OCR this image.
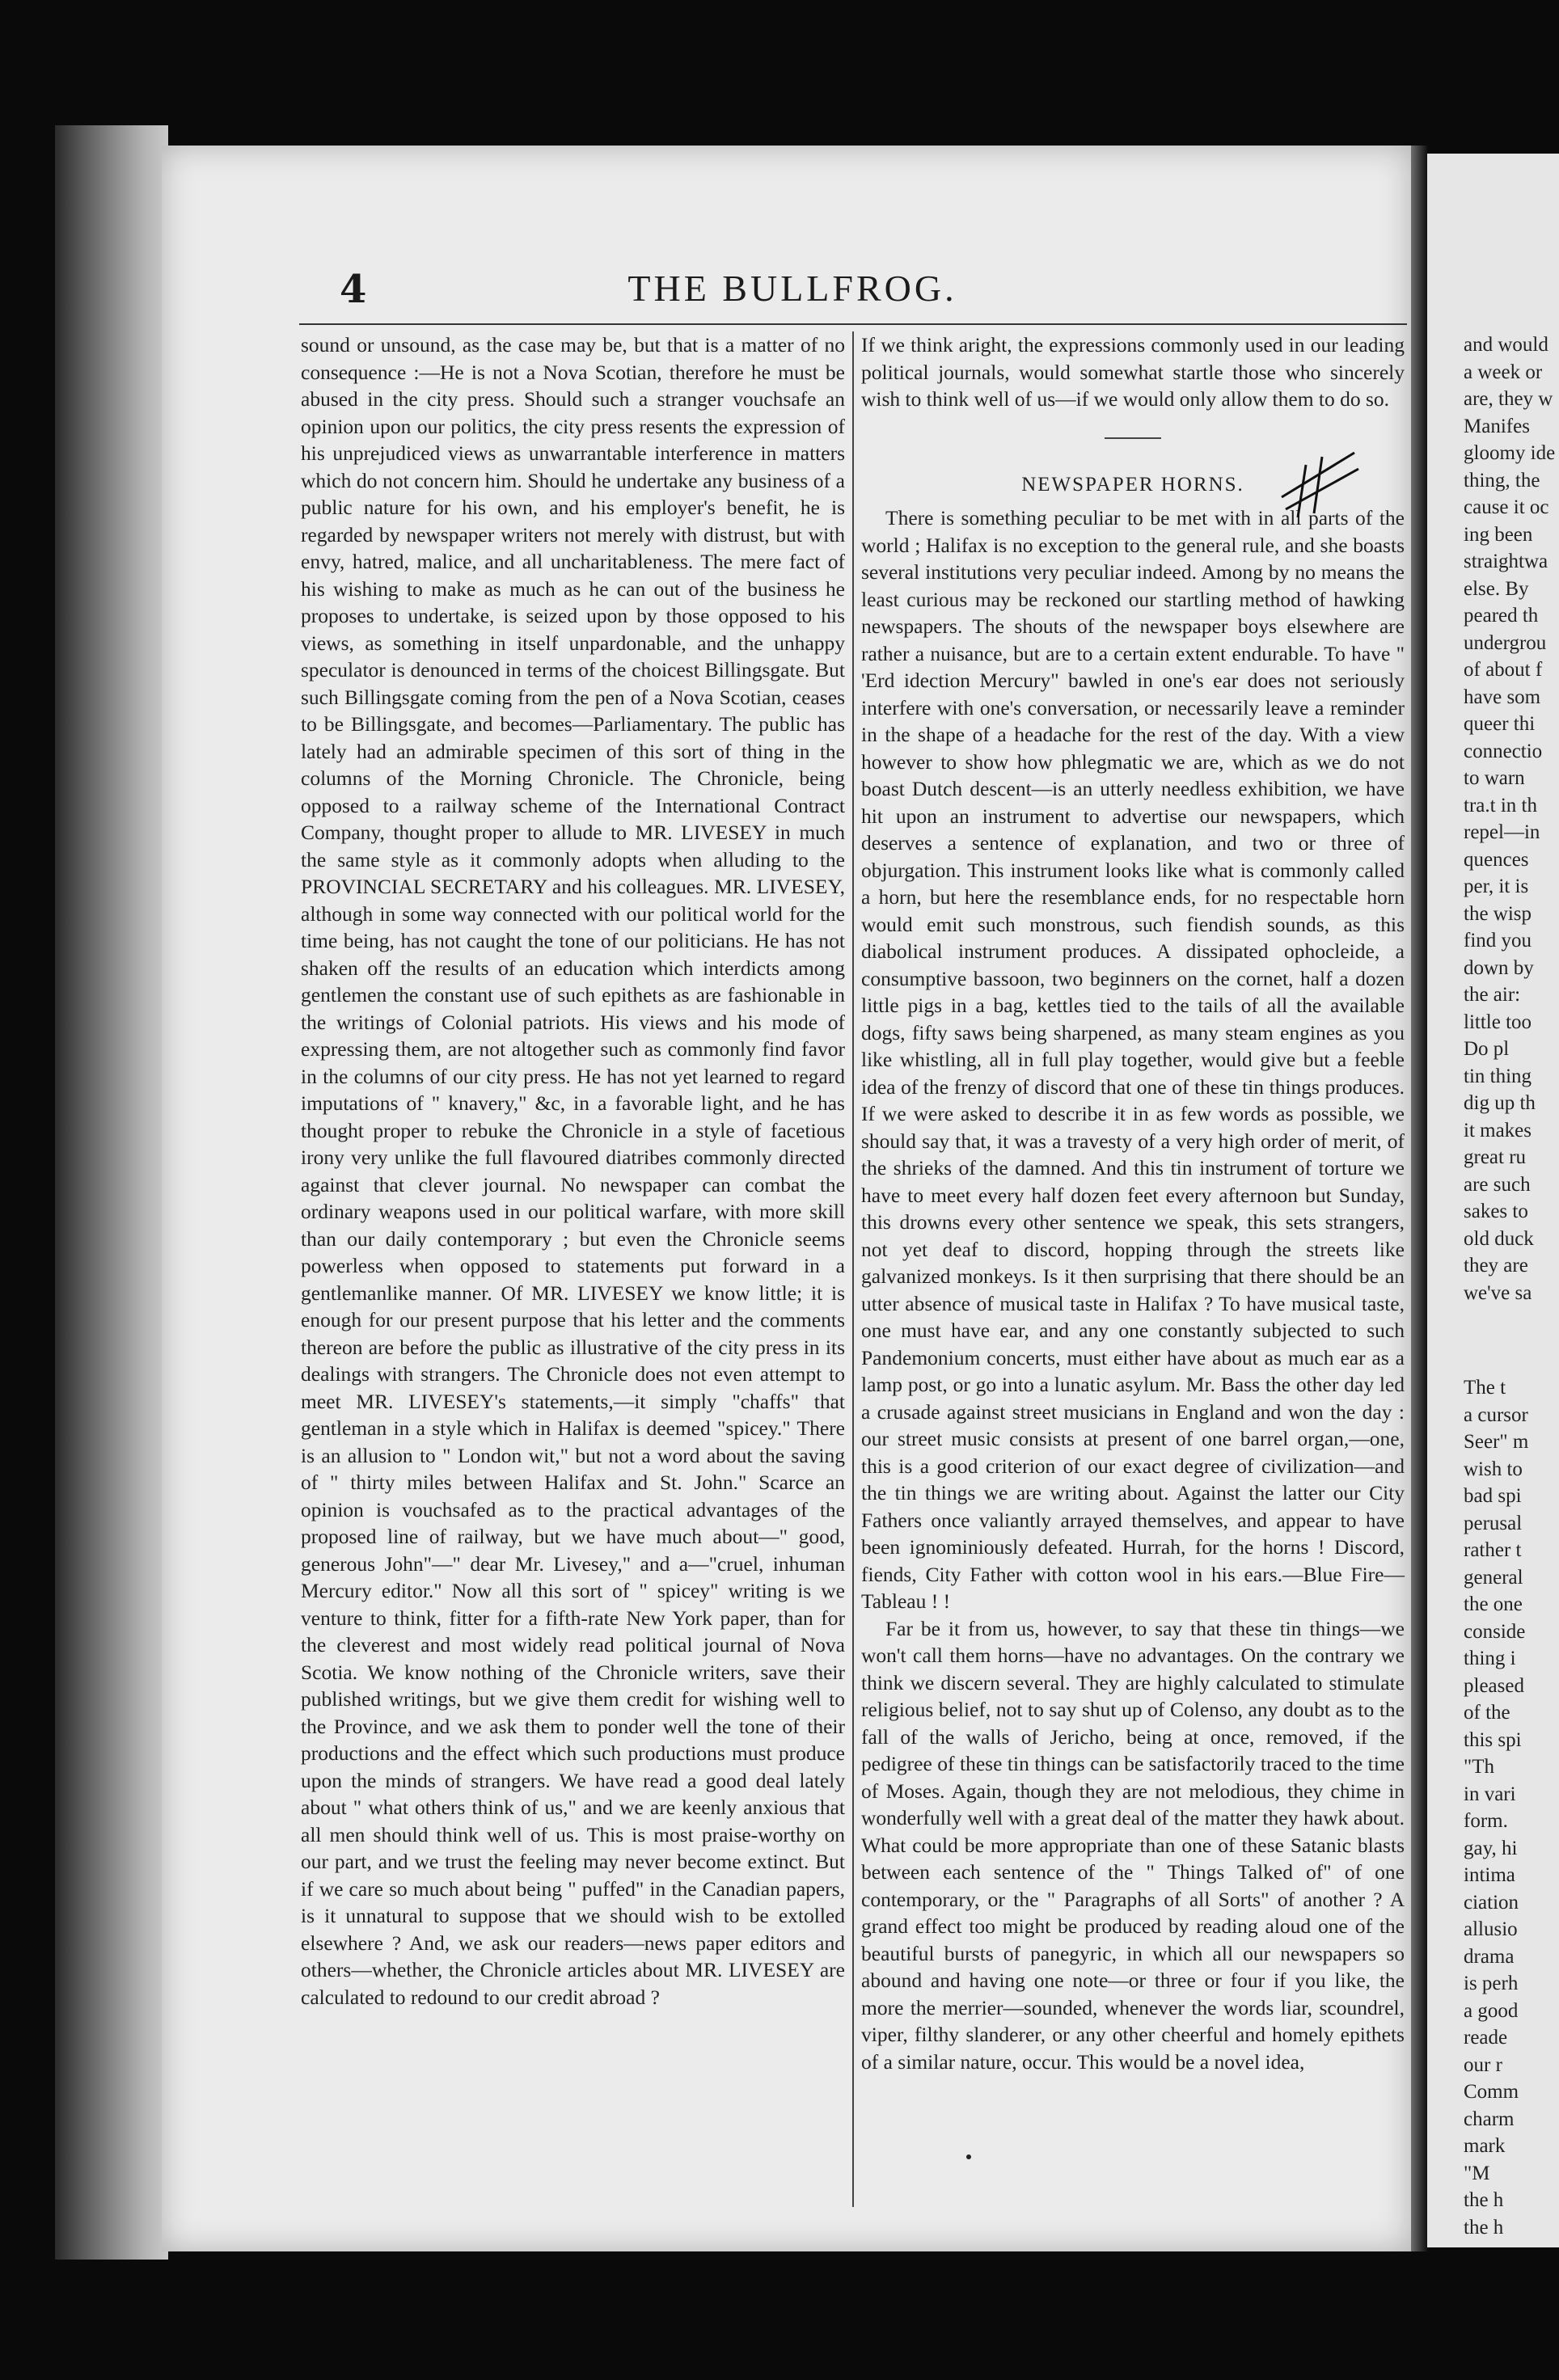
4	THE BULLFROG.

sound or unsound, as the case may be, but that is a matter of no consequence :—He is not a Nova Scotian, therefore he must be abused in the city press. Should such a stranger vouchsafe an opinion upon our politics, the city press resents the expression of his unprejudiced views as unwarrantable interference in matters which do not concern him. Should he undertake any business of a public nature for his own, and his employer's benefit, he is regarded by newspaper writers not merely with distrust, but with envy, hatred, malice, and all uncharitableness. The mere fact of his wishing to make as much as he can out of the business he proposes to undertake, is seized upon by those opposed to his views, as something in itself unpardonable, and the unhappy speculator is denounced in terms of the choicest Billingsgate. But such Billingsgate coming from the pen of a Nova Scotian, ceases to be Billingsgate, and becomes—Parliamentary. The public has lately had an admirable specimen of this sort of thing in the columns of the Morning Chronicle. The Chronicle, being opposed to a railway scheme of the International Contract Company, thought proper to allude to MR. LIVESEY in much the same style as it commonly adopts when alluding to the PROVINCIAL SECRETARY and his colleagues. MR. LIVESEY, although in some way connected with our political world for the time being, has not caught the tone of our politicians. He has not shaken off the results of an education which interdicts among gentlemen the constant use of such epithets as are fashionable in the writings of Colonial patriots. His views and his mode of expressing them, are not altogether such as commonly find favor in the columns of our city press. He has not yet learned to regard imputations of " knavery," &c, in a favorable light, and he has thought proper to rebuke the Chronicle in a style of facetious irony very unlike the full flavoured diatribes commonly directed against that clever journal. No newspaper can combat the ordinary weapons used in our political warfare, with more skill than our daily contemporary ; but even the Chronicle seems powerless when opposed to statements put forward in a gentlemanlike manner. Of MR. LIVESEY we know little; it is enough for our present purpose that his letter and the comments thereon are before the public as illustrative of the city press in its dealings with strangers. The Chronicle does not even attempt to meet MR. LIVESEY's statements,—it simply "chaffs" that gentleman in a style which in Halifax is deemed "spicey." There is an allusion to " London wit," but not a word about the saving of " thirty miles between Halifax and St. John." Scarce an opinion is vouchsafed as to the practical advantages of the proposed line of railway, but we have much about—" good, generous John"—" dear Mr. Livesey," and a—"cruel, inhuman Mercury editor." Now all this sort of " spicey" writing is we venture to think, fitter for a fifth-rate New York paper, than for the cleverest and most widely read political journal of Nova Scotia. We know nothing of the Chronicle writers, save their published writings, but we give them credit for wishing well to the Province, and we ask them to ponder well the tone of their productions and the effect which such productions must produce upon the minds of strangers. We have read a good deal lately about " what others think of us," and we are keenly anxious that all men should think well of us. This is most praise-worthy on our part, and we trust the feeling may never become extinct. But if we care so much about being " puffed" in the Canadian papers, is it unnatural to suppose that we should wish to be extolled elsewhere ? And, we ask our readers—news paper editors and others—whether, the Chronicle articles about MR. LIVESEY are calculated to redound to our credit abroad ?

If we think aright, the expressions commonly used in our leading political journals, would somewhat startle those who sincerely wish to think well of us—if we would only allow them to do so.

NEWSPAPER HORNS.

There is something peculiar to be met with in all parts of the world ; Halifax is no exception to the general rule, and she boasts several institutions very peculiar indeed. Among by no means the least curious may be reckoned our startling method of hawking newspapers. The shouts of the newspaper boys elsewhere are rather a nuisance, but are to a certain extent endurable. To have " 'Erd idection Mercury" bawled in one's ear does not seriously interfere with one's conversation, or necessarily leave a reminder in the shape of a headache for the rest of the day. With a view however to show how phlegmatic we are, which as we do not boast Dutch descent—is an utterly needless exhibition, we have hit upon an instrument to advertise our newspapers, which deserves a sentence of explanation, and two or three of objurgation. This instrument looks like what is commonly called a horn, but here the resemblance ends, for no respectable horn would emit such monstrous, such fiendish sounds, as this diabolical instrument produces. A dissipated ophocleide, a consumptive bassoon, two beginners on the cornet, half a dozen little pigs in a bag, kettles tied to the tails of all the available dogs, fifty saws being sharpened, as many steam engines as you like whistling, all in full play together, would give but a feeble idea of the frenzy of discord that one of these tin things produces. If we were asked to describe it in as few words as possible, we should say that, it was a travesty of a very high order of merit, of the shrieks of the damned. And this tin instrument of torture we have to meet every half dozen feet every afternoon but Sunday, this drowns every other sentence we speak, this sets strangers, not yet deaf to discord, hopping through the streets like galvanized monkeys. Is it then surprising that there should be an utter absence of musical taste in Halifax ? To have musical taste, one must have ear, and any one constantly subjected to such Pandemonium concerts, must either have about as much ear as a lamp post, or go into a lunatic asylum. Mr. Bass the other day led a crusade against street musicians in England and won the day : our street music consists at present of one barrel organ,—one, this is a good criterion of our exact degree of civilization—and the tin things we are writing about. Against the latter our City Fathers once valiantly arrayed themselves, and appear to have been ignominiously defeated. Hurrah, for the horns ! Discord, fiends, City Father with cotton wool in his ears.—Blue Fire—Tableau ! !

Far be it from us, however, to say that these tin things—we won't call them horns—have no advantages. On the contrary we think we discern several. They are highly calculated to stimulate religious belief, not to say shut up of Colenso, any doubt as to the fall of the walls of Jericho, being at once, removed, if the pedigree of these tin things can be satisfactorily traced to the time of Moses. Again, though they are not melodious, they chime in wonderfully well with a great deal of the matter they hawk about. What could be more appropriate than one of these Satanic blasts between each sentence of the " Things Talked of" of one contemporary, or the " Paragraphs of all Sorts" of another ? A grand effect too might be produced by reading aloud one of the beautiful bursts of panegyric, in which all our newspapers so abound and having one note—or three or four if you like, the more the merrier—sounded, whenever the words liar, scoundrel, viper, filthy slanderer, or any other cheerful and homely epithets of a similar nature, occur. This would be a novel idea,

and would
a week or
are, they w
Manifes
gloomy ide
thing, the
cause it oc
ing been
straightwa
else. By
peared th
undergrou
of about f
have som
queer thi
connectio
to warn
tra.t in th
repel—in
quences
per, it is
the wisp
find you
down by
the air:
little too
Do pl
tin thing
dig up th
it makes
great ru
are such
sakes to
old duck
they are
we've sa
The t
a cursor
Seer" m
wish to
bad spi
perusal
rather t
general
the one
conside
thing i
pleased
of the
this spi
"Th
in vari
form.
gay, hi
intima
ciation
allusio
drama
is perh
a good
reade
our r
Comm
charm
mark
"M
the h
the h
